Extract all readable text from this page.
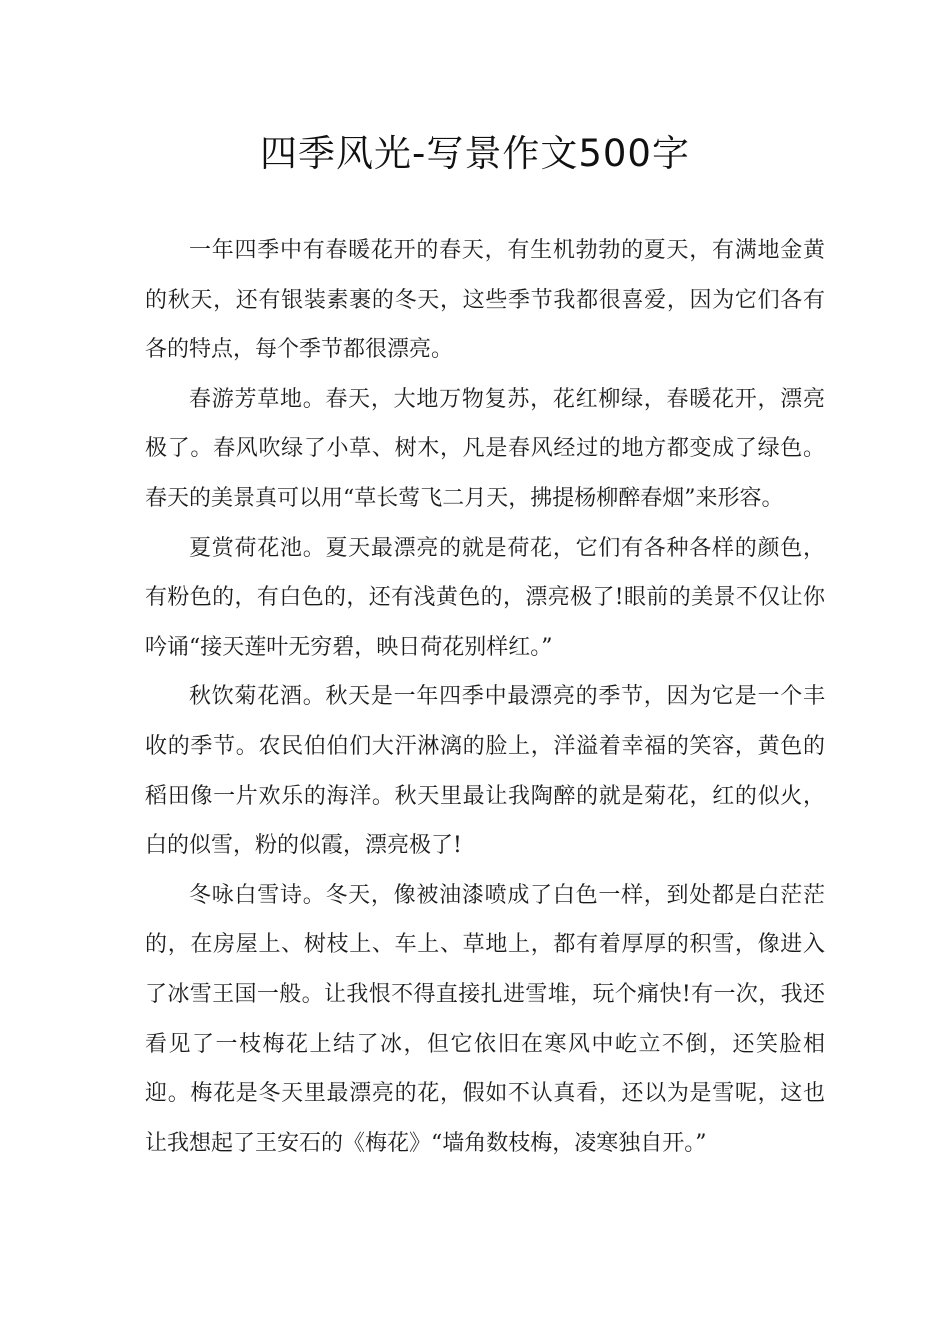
四季风光-写景作文500字

一年四季中有春暖花开的春天，有生机勃勃的夏天，有满地金黄的秋天，还有银装素裹的冬天，这些季节我都很喜爱，因为它们各有各的特点，每个季节都很漂亮。

春游芳草地。春天，大地万物复苏，花红柳绿，春暖花开，漂亮极了。春风吹绿了小草、树木，凡是春风经过的地方都变成了绿色。春天的美景真可以用“草长莺飞二月天，拂提杨柳醉春烟”来形容。

夏赏荷花池。夏天最漂亮的就是荷花，它们有各种各样的颜色，有粉色的，有白色的，还有浅黄色的，漂亮极了!眼前的美景不仅让你吟诵“接天莲叶无穷碧，映日荷花别样红。”

秋饮菊花酒。秋天是一年四季中最漂亮的季节，因为它是一个丰收的季节。农民伯伯们大汗淋漓的脸上，洋溢着幸福的笑容，黄色的稻田像一片欢乐的海洋。秋天里最让我陶醉的就是菊花，红的似火，白的似雪，粉的似霞，漂亮极了!

冬咏白雪诗。冬天，像被油漆喷成了白色一样，到处都是白茫茫的，在房屋上、树枝上、车上、草地上，都有着厚厚的积雪，像进入了冰雪王国一般。让我恨不得直接扎进雪堆，玩个痛快!有一次，我还看见了一枝梅花上结了冰，但它依旧在寒风中屹立不倒，还笑脸相迎。梅花是冬天里最漂亮的花，假如不认真看，还以为是雪呢，这也让我想起了王安石的《梅花》“墙角数枝梅，凌寒独自开。”
